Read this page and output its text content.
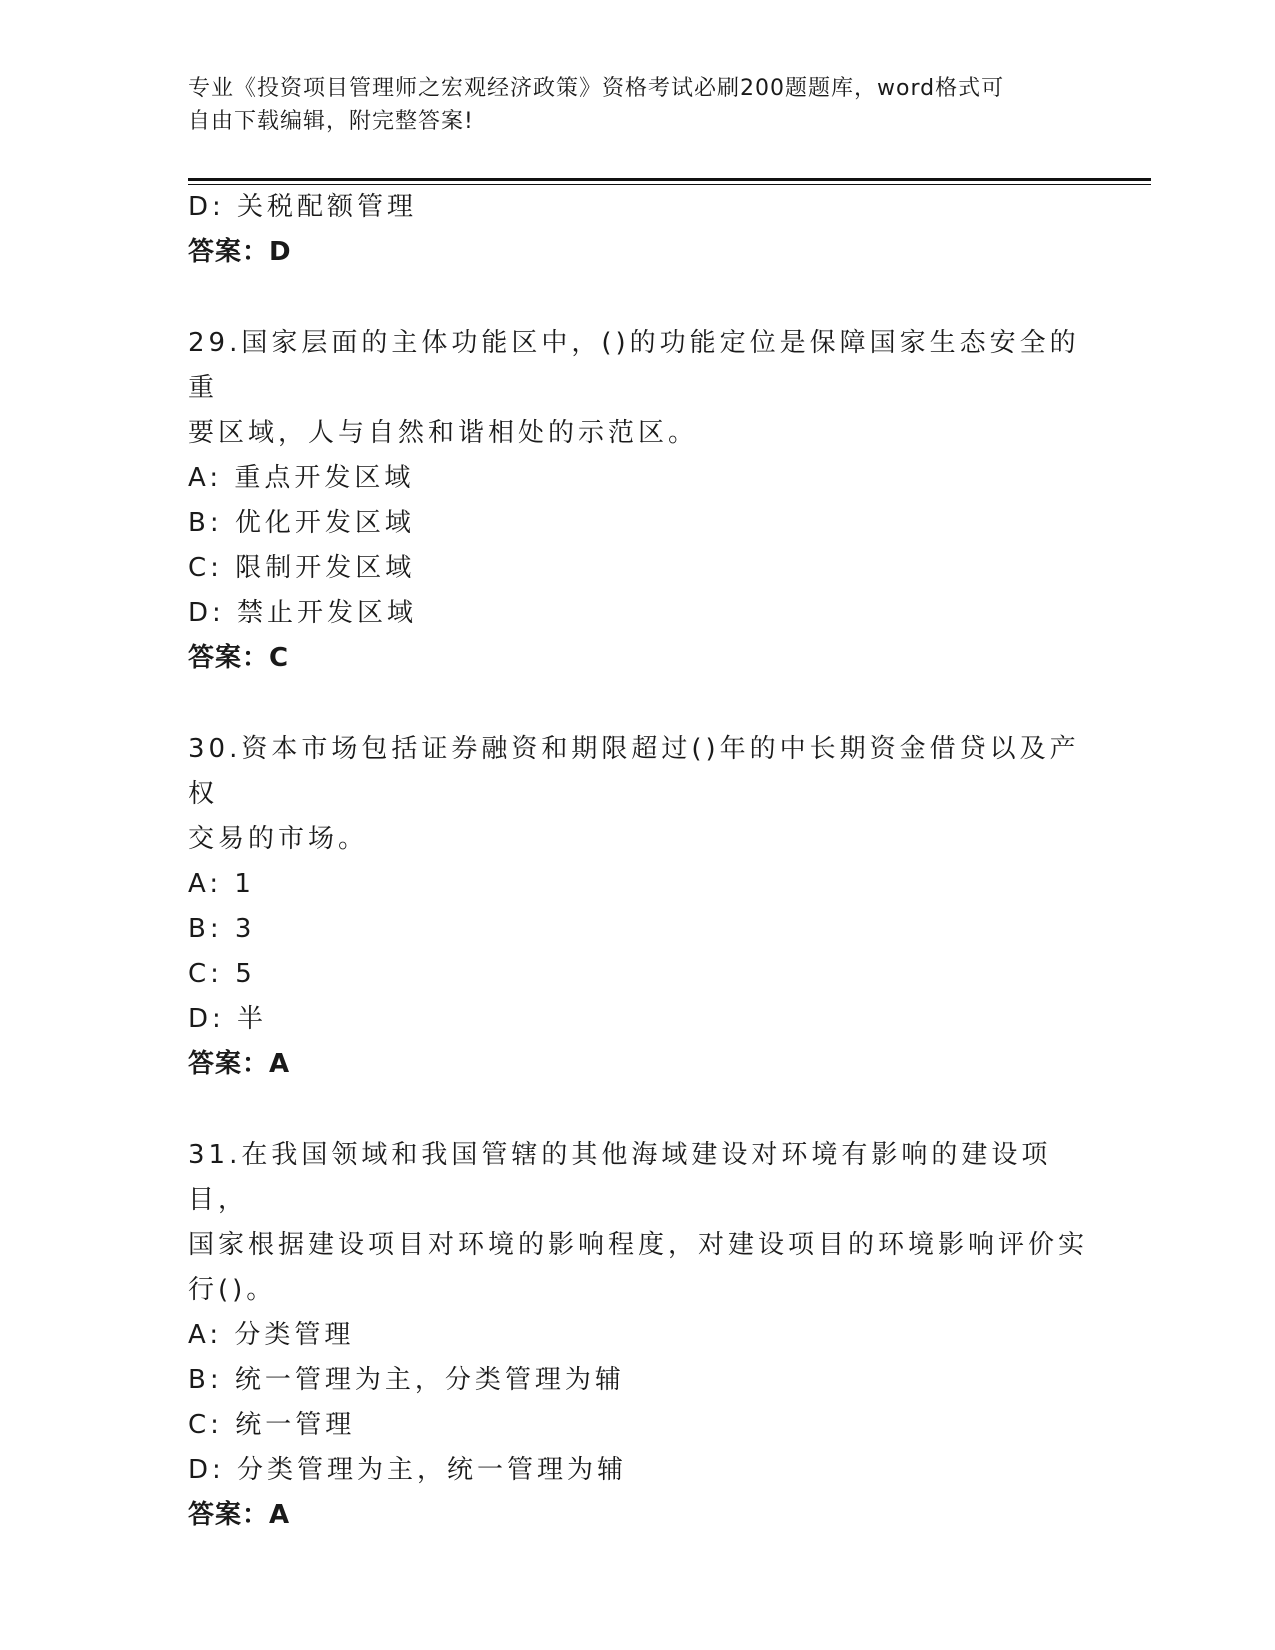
专业《投资项目管理师之宏观经济政策》资格考试必刷200题题库，word格式可
自由下载编辑，附完整答案!
D: 关税配额管理
答案：D
29.国家层面的主体功能区中，()的功能定位是保障国家生态安全的重
要区域，人与自然和谐相处的示范区。
A: 重点开发区域
B: 优化开发区域
C: 限制开发区域
D: 禁止开发区域
答案：C
30.资本市场包括证券融资和期限超过()年的中长期资金借贷以及产权
交易的市场。
A: 1
B: 3
C: 5
D: 半
答案：A
31.在我国领域和我国管辖的其他海域建设对环境有影响的建设项目，
国家根据建设项目对环境的影响程度，对建设项目的环境影响评价实
行()。
A: 分类管理
B: 统一管理为主，分类管理为辅
C: 统一管理
D: 分类管理为主，统一管理为辅
答案：A
